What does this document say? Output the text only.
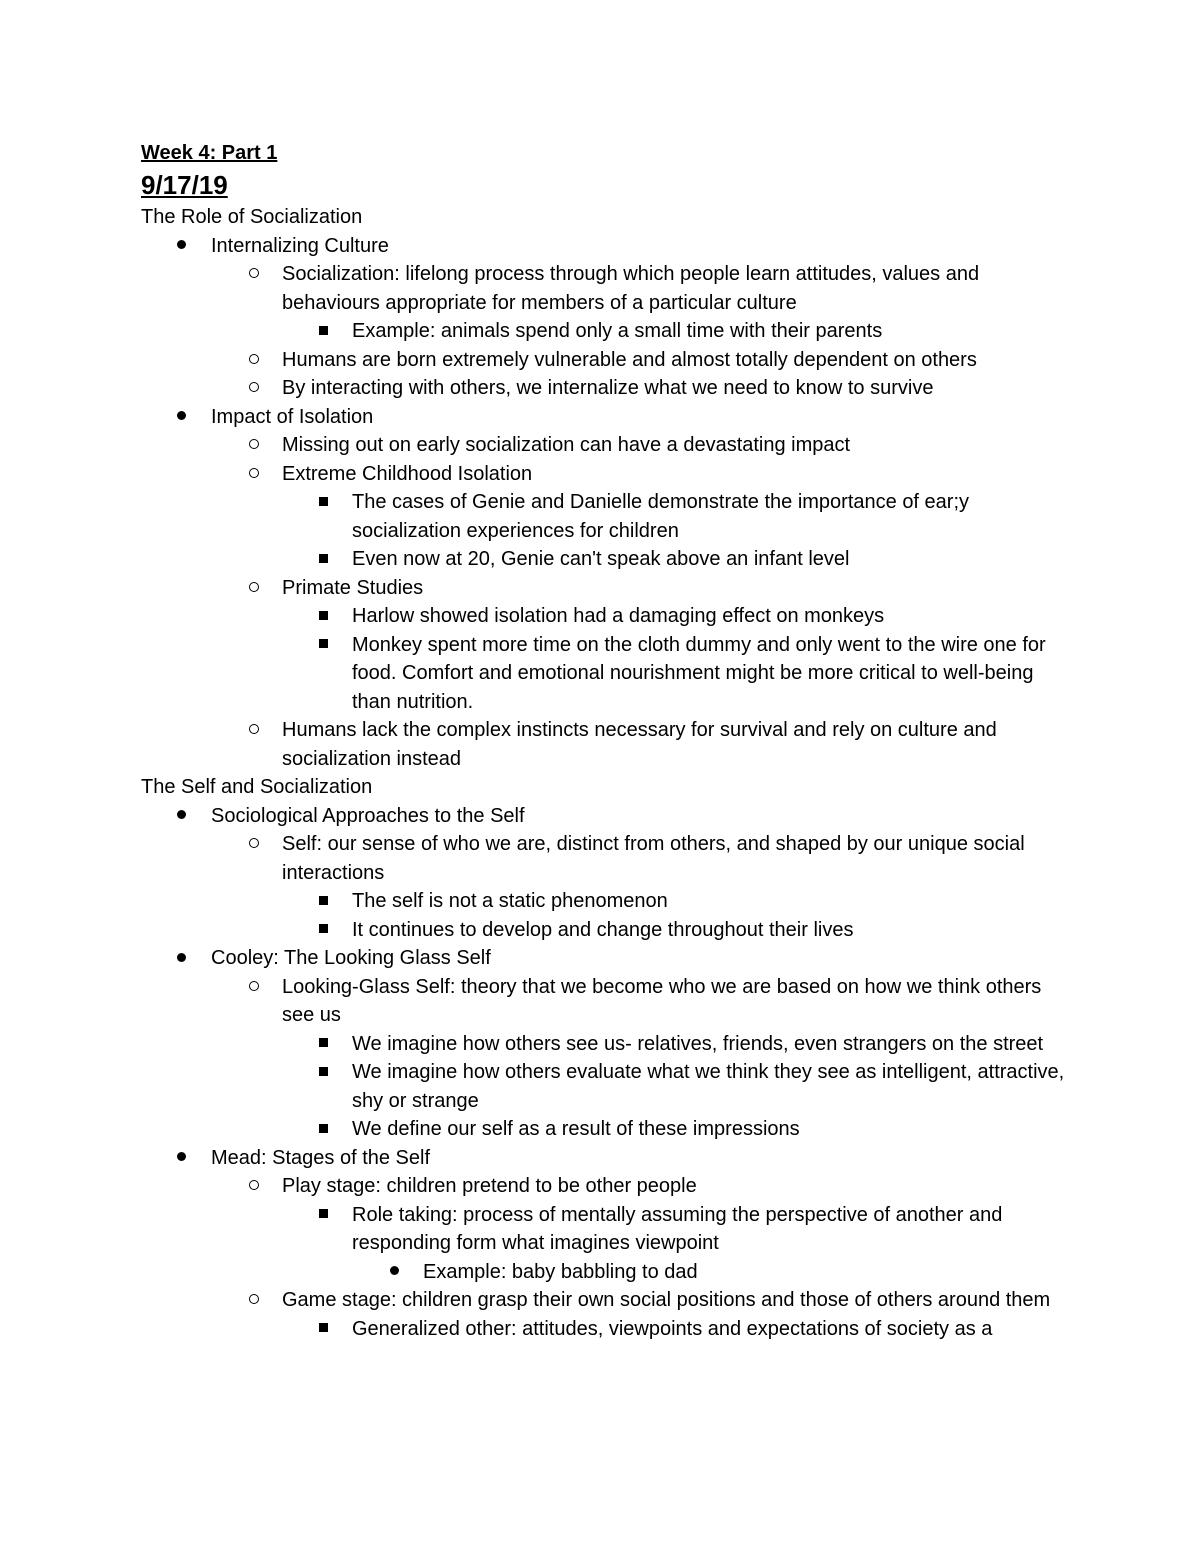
Week 4: Part 1
9/17/19
The Role of Socialization
Internalizing Culture
Socialization: lifelong process through which people learn attitudes, values and behaviours appropriate for members of a particular culture
Example: animals spend only a small time with their parents
Humans are born extremely vulnerable and almost totally dependent on others
By interacting with others, we internalize what we need to know to survive
Impact of Isolation
Missing out on early socialization can have a devastating impact
Extreme Childhood Isolation
The cases of Genie and Danielle demonstrate the importance of ear;y socialization experiences for children
Even now at 20, Genie can't speak above an infant level
Primate Studies
Harlow showed isolation had a damaging effect on monkeys
Monkey spent more time on the cloth dummy and only went to the wire one for food. Comfort and emotional nourishment might be more critical to well-being than nutrition.
Humans lack the complex instincts necessary for survival and rely on culture and socialization instead
The Self and Socialization
Sociological Approaches to the Self
Self: our sense of who we are, distinct from others, and shaped by our unique social interactions
The self is not a static phenomenon
It continues to develop and change throughout their lives
Cooley: The Looking Glass Self
Looking-Glass Self: theory that we become who we are based on how we think others see us
We imagine how others see us- relatives, friends, even strangers on the street
We imagine how others evaluate what we think they see as intelligent, attractive, shy or strange
We define our self as a result of these impressions
Mead: Stages of the Self
Play stage: children pretend to be other people
Role taking: process of mentally assuming the perspective of another and responding form what imagines viewpoint
Example: baby babbling to dad
Game stage: children grasp their own social positions and those of others around them
Generalized other: attitudes, viewpoints and expectations of society as a
